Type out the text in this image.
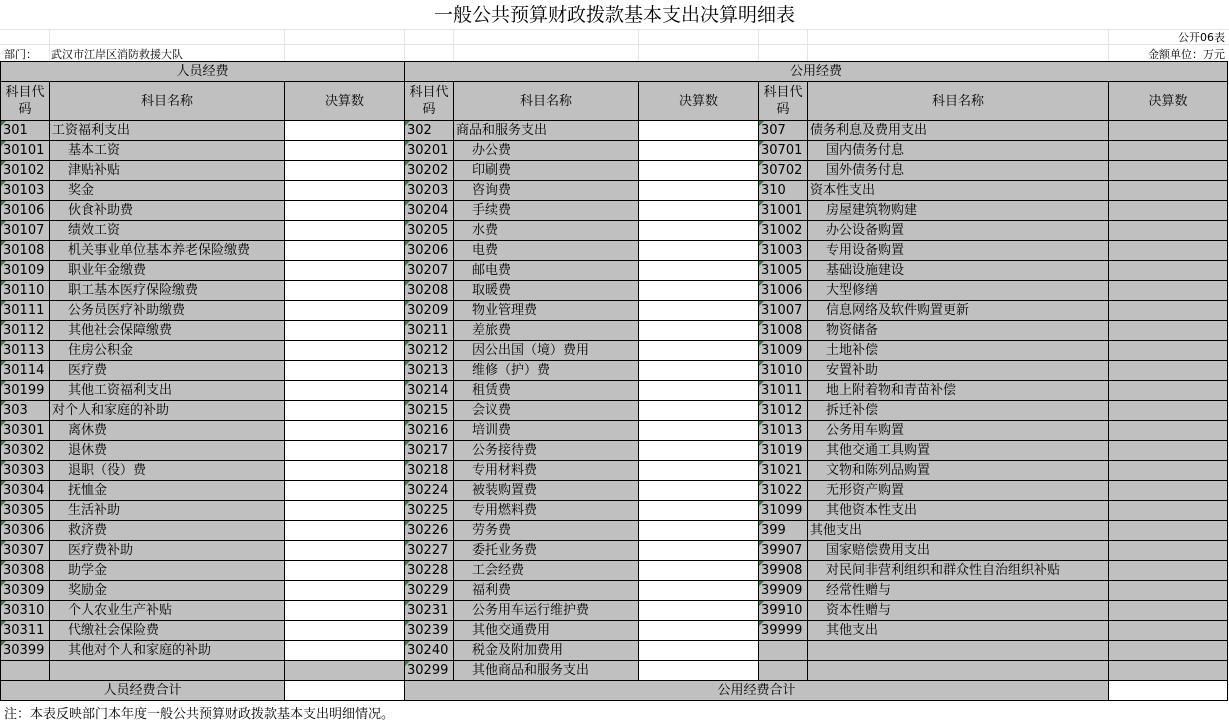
一般公共预算财政拨款基本支出决算明细表
公开06表
部门： 武汉市江岸区消防救援大队	金额单位：万元
人员经费			公用经费					
科目代码	科目名称	决算数	科目代码	科目名称	决算数	科目代码	科目名称	决算数
301	工资福利支出		302	商品和服务支出		307	债务利息及费用支出	
30101	基本工资		30201	办公费		30701	国内债务付息	
30102	津贴补贴		30202	印刷费		30702	国外债务付息	
30103	奖金		30203	咨询费		310	资本性支出	
30106	伙食补助费		30204	手续费		31001	房屋建筑物购建	
30107	绩效工资		30205	水费		31002	办公设备购置	
30108	机关事业单位基本养老保险缴费		30206	电费		31003	专用设备购置	
30109	职业年金缴费		30207	邮电费		31005	基础设施建设	
30110	职工基本医疗保险缴费		30208	取暖费		31006	大型修缮	
30111	公务员医疗补助缴费		30209	物业管理费		31007	信息网络及软件购置更新	
30112	其他社会保障缴费		30211	差旅费		31008	物资储备	
30113	住房公积金		30212	因公出国（境）费用		31009	土地补偿	
30114	医疗费		30213	维修（护）费		31010	安置补助	
30199	其他工资福利支出		30214	租赁费		31011	地上附着物和青苗补偿	
303	对个人和家庭的补助		30215	会议费		31012	拆迁补偿	
30301	离休费		30216	培训费		31013	公务用车购置	
30302	退休费		30217	公务接待费		31019	其他交通工具购置	
30303	退职（役）费		30218	专用材料费		31021	文物和陈列品购置	
30304	抚恤金		30224	被装购置费		31022	无形资产购置	
30305	生活补助		30225	专用燃料费		31099	其他资本性支出	
30306	救济费		30226	劳务费		399	其他支出	
30307	医疗费补助		30227	委托业务费		39907	国家赔偿费用支出	
30308	助学金		30228	工会经费		39908	对民间非营利组织和群众性自治组织补贴	
30309	奖励金		30229	福利费		39909	经常性赠与	
30310	个人农业生产补贴		30231	公务用车运行维护费		39910	资本性赠与	
30311	代缴社会保险费		30239	其他交通费用		39999	其他支出	
30399	其他对个人和家庭的补助		30240	税金及附加费用				
			30299	其他商品和服务支出				
人员经费合计			公用经费合计					
注：本表反映部门本年度一般公共预算财政拨款基本支出明细情况。
